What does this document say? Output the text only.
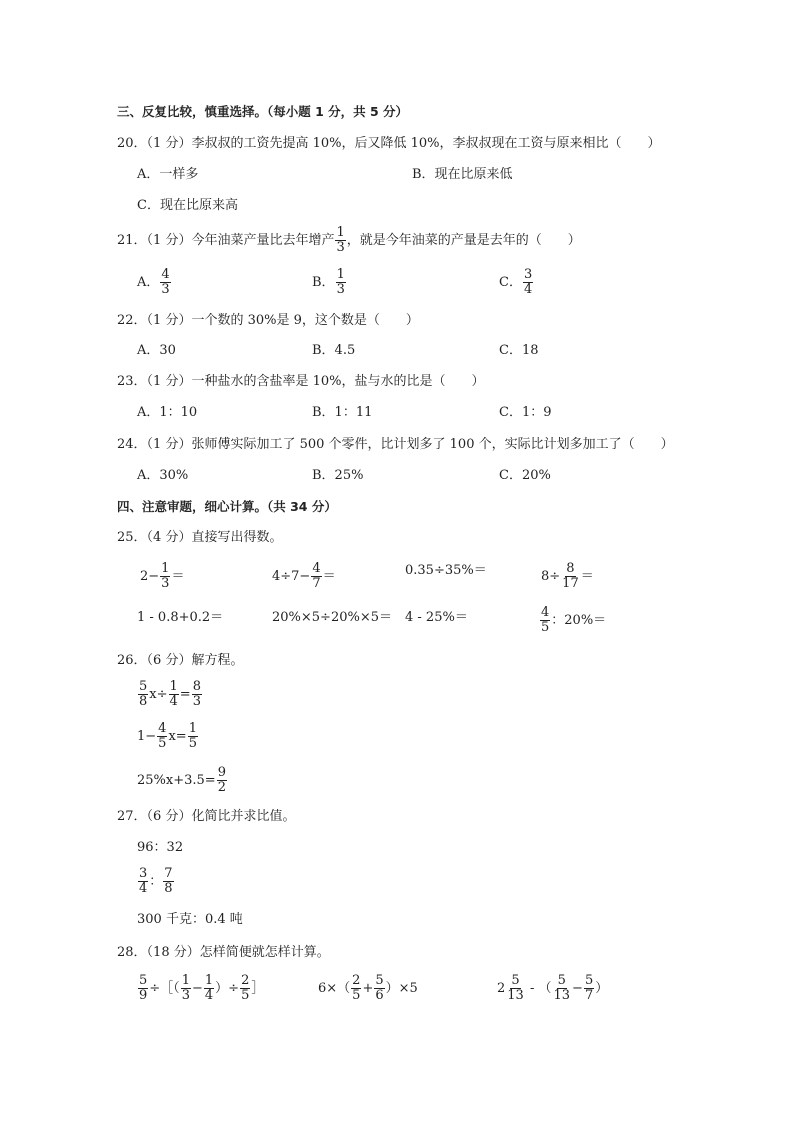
三、反复比较，慎重选择。（每小题 1 分，共 5 分）
20．（1 分）李叔叔的工资先提高 10%，后又降低 10%，李叔叔现在工资与原来相比（　　）
A．一样多	B．现在比原来低
C．现在比原来高
21．（1 分）今年油菜产量比去年增产 $\frac{1}{3}$ ，就是今年油菜的产量是去年的（　　）
A． $\frac{4}{3}$	B． $\frac{1}{3}$	C． $\frac{3}{4}$
22．（1 分）一个数的 30%是 9，这个数是（　　）
A．30	B．4.5	C．18
23．（1 分）一种盐水的含盐率是 10%，盐与水的比是（　　）
A．1：10	B．1：11	C．1：9
24．（1 分）张师傅实际加工了 500 个零件，比计划多了 100 个，实际比计划多加工了（　　）
A．30%	B．25%	C．20%
四、注意审题，细心计算。（共 34 分）
25．（4 分）直接写出得数。
$2- \frac{1}{3}$ ＝	$4\div 7- \frac{4}{7}$ ＝	0.35÷35%＝	$8\div \frac{8}{17}$ ＝
1 - 0.8+0.2＝	20%×5÷20%×5＝ 4 - 25%＝	$\frac{4}{5}$ ：20%＝
26．（6 分）解方程。
$\frac{5}{8} x\div \frac{1}{4} = \frac{8}{3}$
$1- \frac{4}{5} x= \frac{1}{5}$
$25\%x+3.5= \frac{9}{2}$
27．（6 分）化简比并求比值。
96：32
$\frac{3}{4}$ ： $\frac{7}{8}$
300 千克：0.4 吨
28．（18 分）怎样简便就怎样计算。
$\frac{5}{9}$ ÷［（ $\frac{1}{3} - \frac{1}{4}$ ）÷ $\frac{2}{5}$ ］	$6\times( \frac{2}{5} + \frac{5}{6} )\times 5$	$2 \frac{5}{13}$ - （ $\frac{5}{13} - \frac{5}{7}$ ）
